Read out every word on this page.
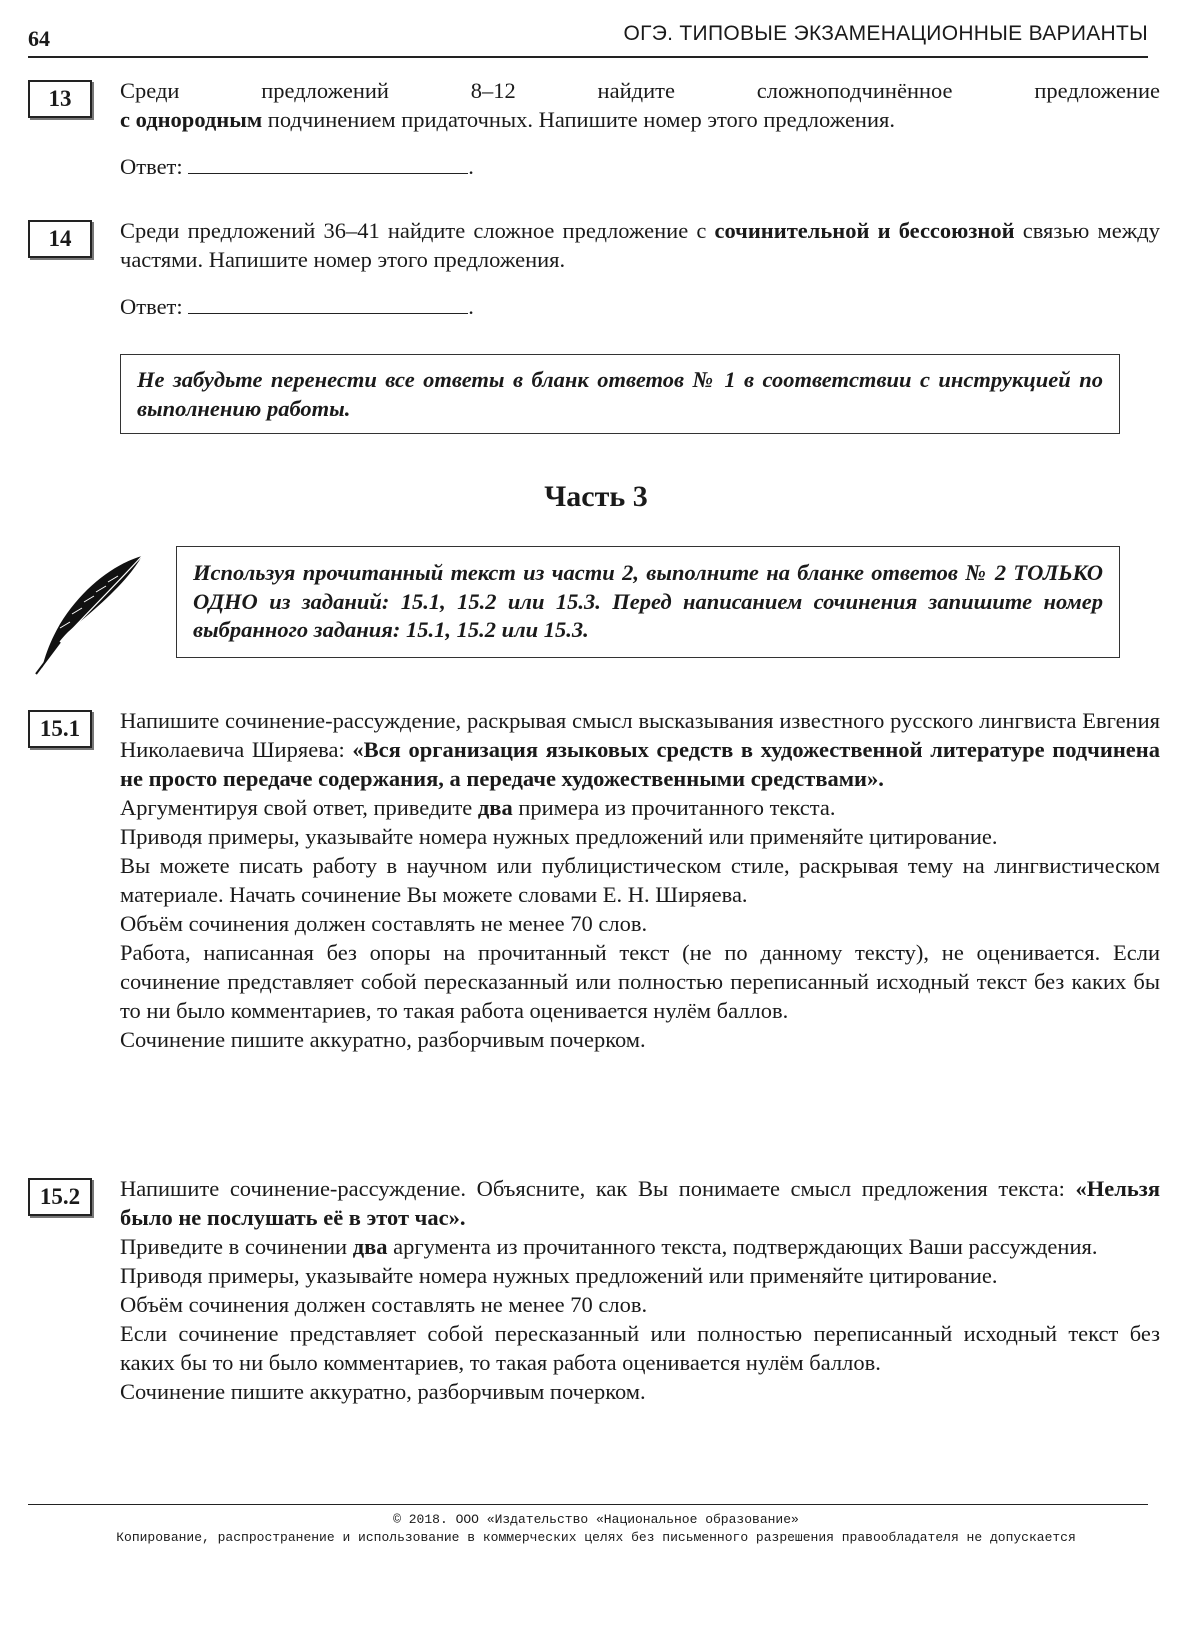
64	ОГЭ. ТИПОВЫЕ ЭКЗАМЕНАЦИОННЫЕ ВАРИАНТЫ
13	Среди предложений 8–12 найдите сложноподчинённое предложение

с однородным подчинением придаточных. Напишите номер этого предложения.

Ответ:	.

14	Среди предложений 36–41 найдите сложное предложение с сочинительной и бессоюзной связью между частями. Напишите номер этого предложения.

Ответ:	.

Не забудьте перенести все ответы в бланк ответов № 1 в соответствии с инструкцией по выполнению работы.
Часть 3
Используя прочитанный текст из части 2, выполните на бланке ответов № 2 ТОЛЬКО ОДНО из заданий: 15.1, 15.2 или 15.3. Перед написанием сочинения запишите номер выбранного задания: 15.1, 15.2 или 15.3.
15.1	Напишите сочинение-рассуждение, раскрывая смысл высказывания известного русского лингвиста Евгения Николаевича Ширяева: «Вся организация языковых средств в художественной литературе подчинена не просто передаче содержания, а передаче художественными средствами».

Аргументируя свой ответ, приведите два примера из прочитанного текста.

Приводя примеры, указывайте номера нужных предложений или применяйте цитирование.

Вы можете писать работу в научном или публицистическом стиле, раскрывая тему на лингвистическом материале. Начать сочинение Вы можете словами Е. Н. Ширяева.

Объём сочинения должен составлять не менее 70 слов.

Работа, написанная без опоры на прочитанный текст (не по данному тексту), не оценивается. Если сочинение представляет собой пересказанный или полностью переписанный исходный текст без каких бы то ни было комментариев, то такая работа оценивается нулём баллов.

Сочинение пишите аккуратно, разборчивым почерком.

15.2	Напишите сочинение-рассуждение. Объясните, как Вы понимаете смысл предложения текста: «Нельзя было не послушать её в этот час».

Приведите в сочинении два аргумента из прочитанного текста, подтверждающих Ваши рассуждения.

Приводя примеры, указывайте номера нужных предложений или применяйте цитирование.

Объём сочинения должен составлять не менее 70 слов.

Если сочинение представляет собой пересказанный или полностью переписанный исходный текст без каких бы то ни было комментариев, то такая работа оценивается нулём баллов.

Сочинение пишите аккуратно, разборчивым почерком.

© 2018. ООО «Издательство «Национальное образование»
Копирование, распространение и использование в коммерческих целях без письменного разрешения правообладателя не допускается
